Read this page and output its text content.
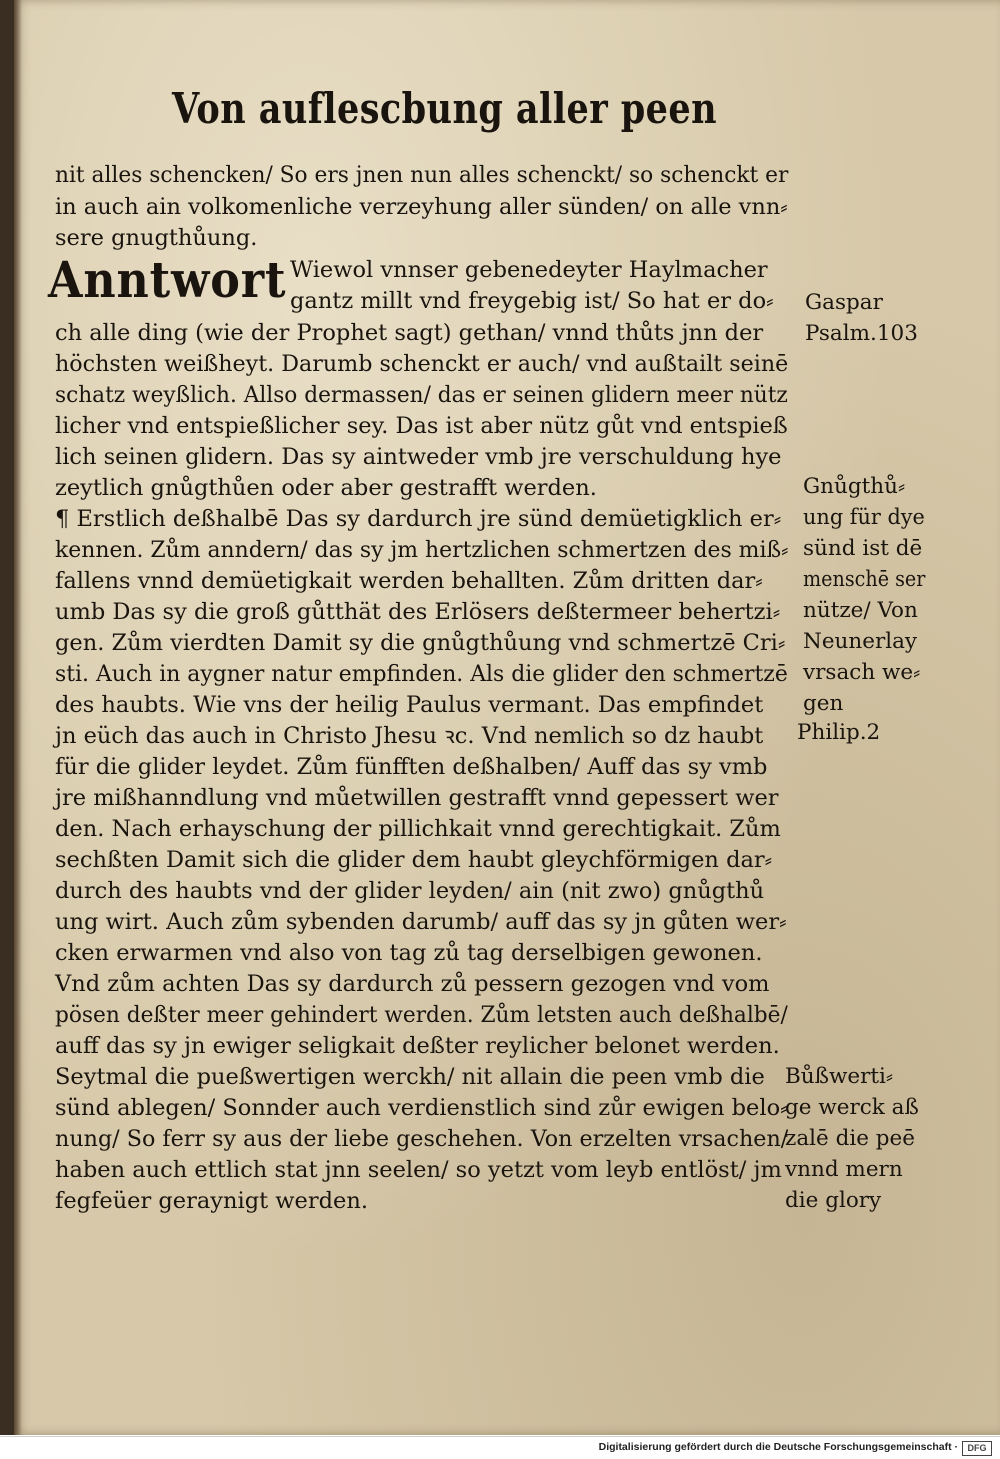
Von auflescbung aller peen
nit alles schencken/ So ers jnen nun alles schenckt/ so schenckt er
in auch ain volkomenliche verzeyhung aller sünden/ on alle vnn⸗
sere gnugthůung.
Anntwort Wiewol vnnser gebenedeyter Haylmacher
gantz millt vnd freygebig ist/ So hat er do⸗
ch alle ding (wie der Prophet sagt) gethan/ vnnd thůts jnn der
höchsten weißheyt. Darumb schenckt er auch/ vnd außtailt seinē
schatz weyßlich. Allso dermassen/ das er seinen glidern meer nütz
licher vnd entspießlicher sey. Das ist aber nütz gůt vnd entspieß
lich seinen glidern. Das sy aintweder vmb jre verschuldung hye
zeytlich gnůgthůen oder aber gestrafft werden.
¶ Erstlich deßhalbē Das sy dardurch jre sünd demüetigklich er⸗
kennen. Zům anndern/ das sy jm hertzlichen schmertzen des miß⸗
fallens vnnd demüetigkait werden behallten. Zům dritten dar⸗
umb Das sy die groß gůtthät des Erlösers deßtermeer behertzi⸗
gen. Zům vierdten Damit sy die gnůgthůung vnd schmertzē Cri⸗
sti. Auch in aygner natur empfinden. Als die glider den schmertzē
des haubts. Wie vns der heilig Paulus vermant. Das empfindet
jn eüch das auch in Christo Jhesu ꝛc. Vnd nemlich so dz haubt
für die glider leydet. Zům fünfften deßhalben/ Auff das sy vmb
jre mißhanndlung vnd můetwillen gestrafft vnnd gepessert wer
den. Nach erhayschung der pillichkait vnnd gerechtigkait. Zům
sechßten Damit sich die glider dem haubt gleychförmigen dar⸗
durch des haubts vnd der glider leyden/ ain (nit zwo) gnůgthů
ung wirt. Auch zům sybenden darumb/ auff das sy jn gůten wer⸗
cken erwarmen vnd also von tag zů tag derselbigen gewonen.
Vnd zům achten Das sy dardurch zů pessern gezogen vnd vom
pösen deßter meer gehindert werden. Zům letsten auch deßhalbē/
auff das sy jn ewiger seligkait deßter reylicher belonet werden.
Seytmal die pueßwertigen werckh/ nit allain die peen vmb die
sünd ablegen/ Sonnder auch verdienstlich sind zůr ewigen belo⸗
nung/ So ferr sy aus der liebe geschehen. Von erzelten vrsachen/
haben auch ettlich stat jnn seelen/ so yetzt vom leyb entlöst/ jm
fegfeüer geraynigt werden.
Gaspar
Psalm.103
Gnůgthů⸗
ung für dye
sünd ist dē
menschē ser
nütze/ Von
Neunerlay
vrsach we⸗
gen
Philip.2
Bůßwerti⸗
ge werck aß
zalē die peē
vnnd mern
die glory
Digitalisierung gefördert durch die Deutsche Forschungsgemeinschaft ·	DFG
